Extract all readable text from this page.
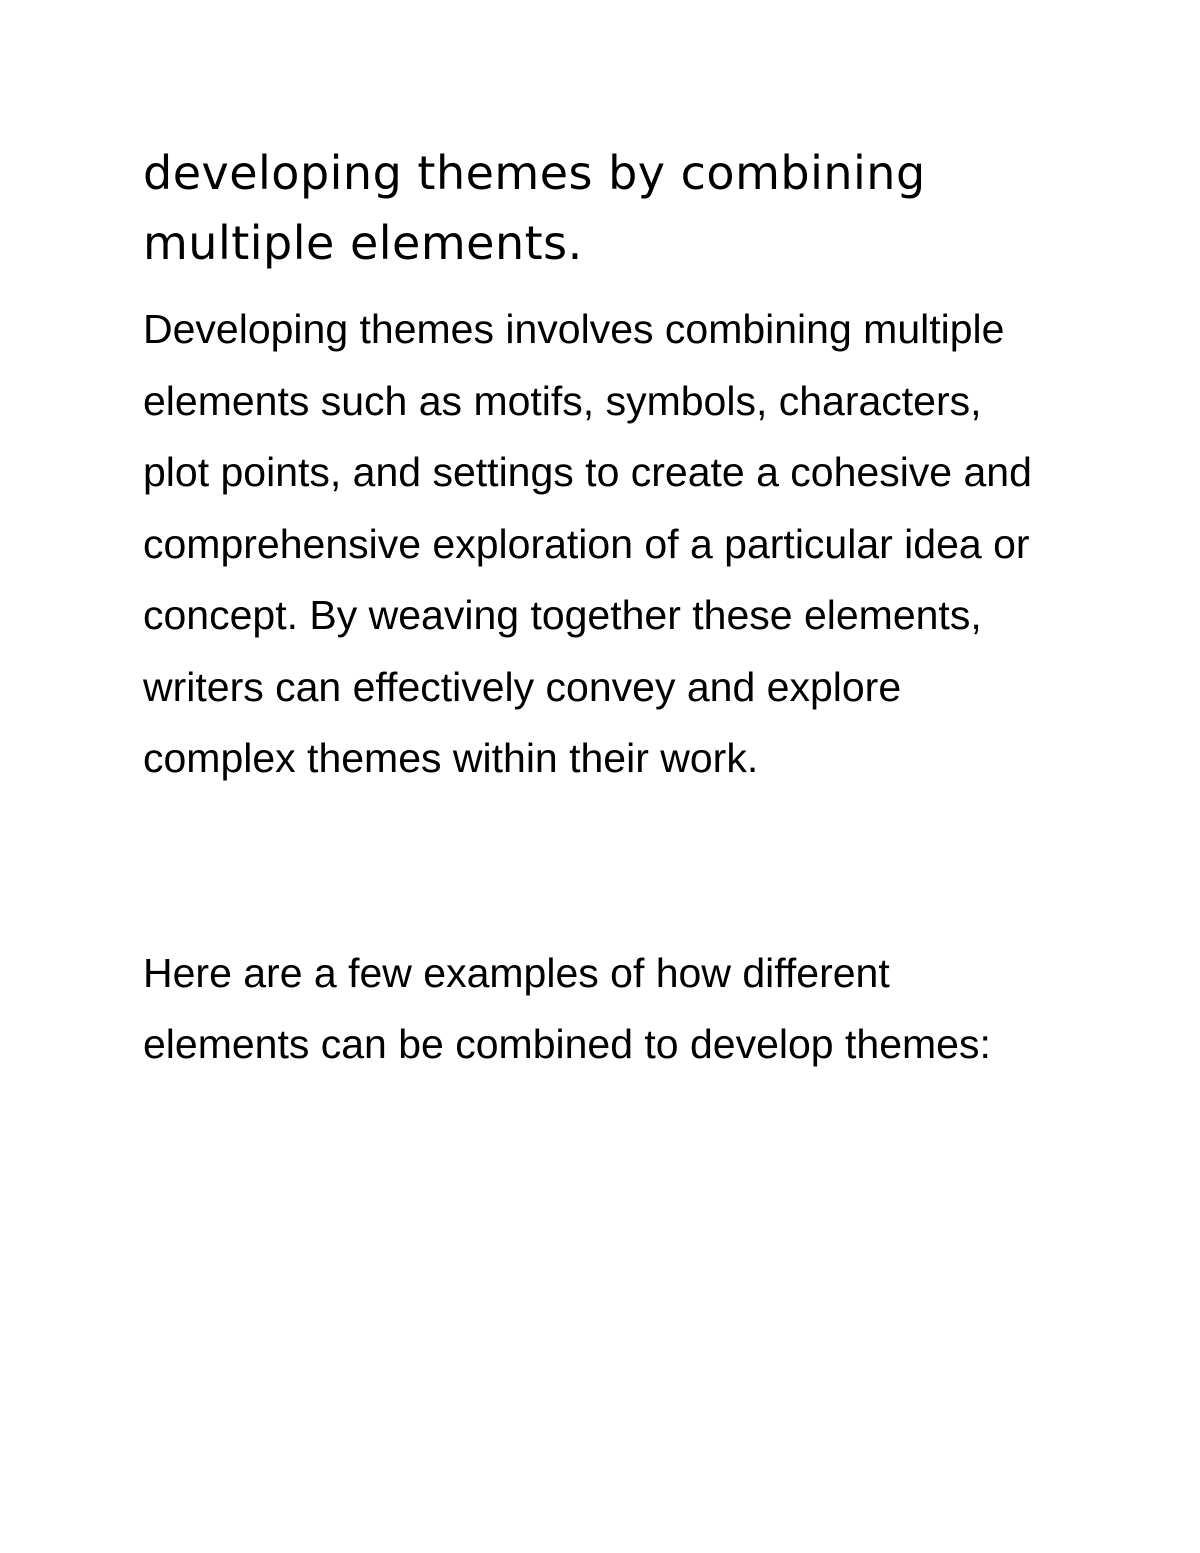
developing themes by combining multiple elements.

Developing themes involves combining multiple elements such as motifs, symbols, characters, plot points, and settings to create a cohesive and comprehensive exploration of a particular idea or concept. By weaving together these elements, writers can effectively convey and explore complex themes within their work.

Here are a few examples of how different elements can be combined to develop themes:
